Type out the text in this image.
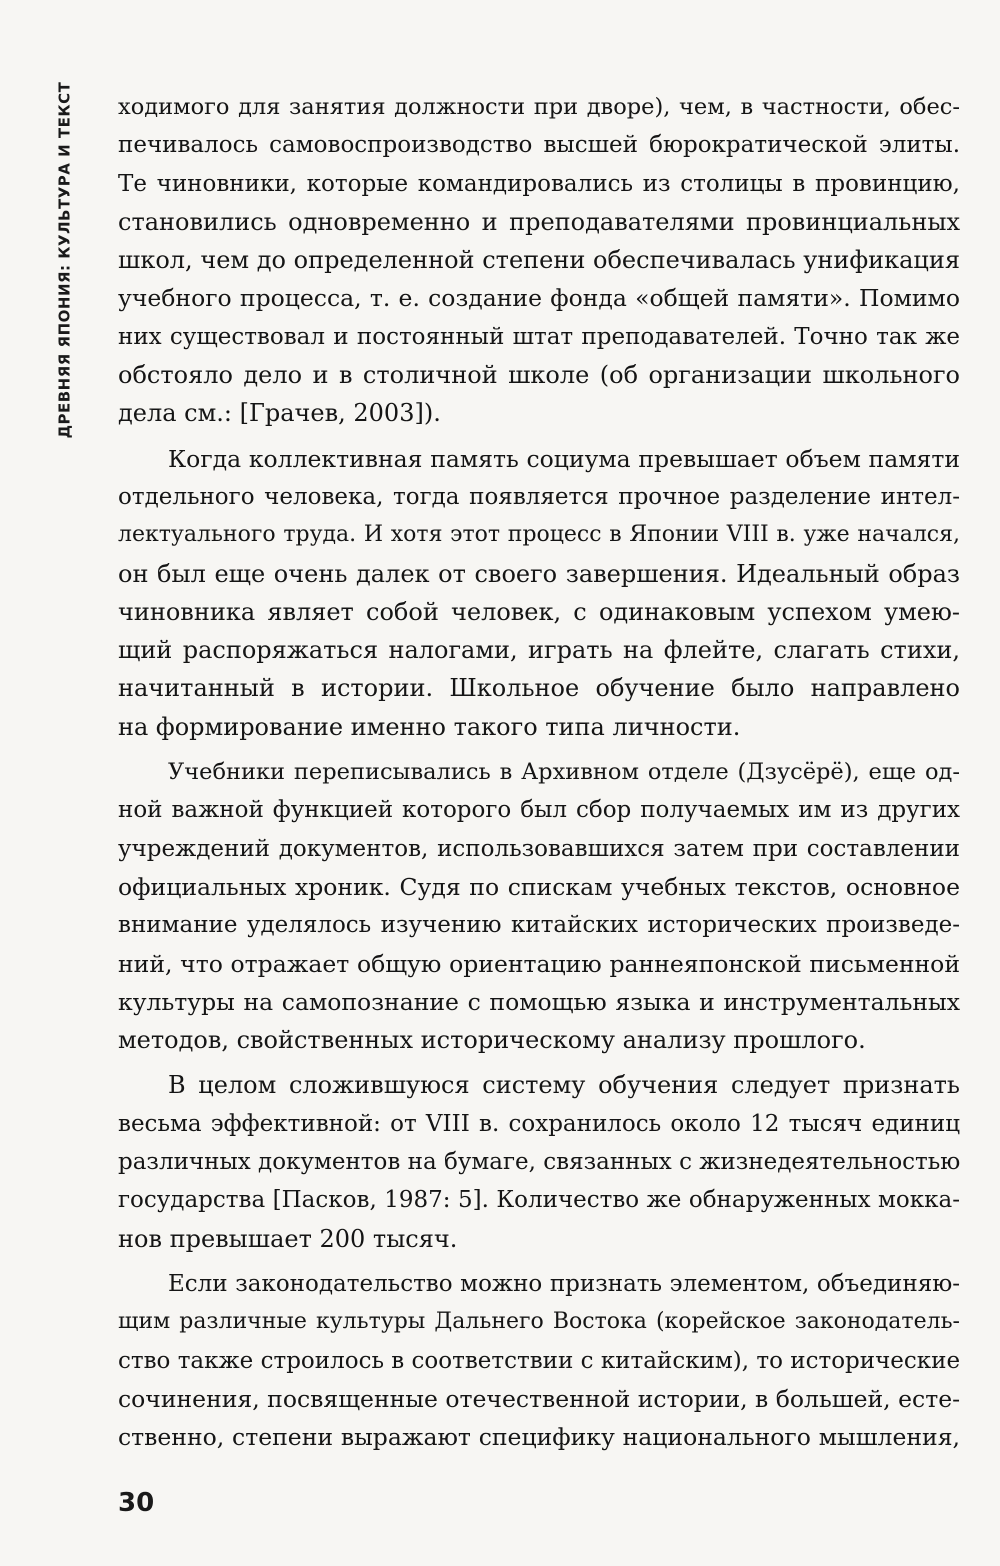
ДРЕВНЯЯ ЯПОНИЯ: КУЛЬТУРА И ТЕКСТ ходимого для занятия должности при дворе), чем, в частности, обес-
печивалось самовоспроизводство высшей бюрократической элиты.
Те чиновники, которые командировались из столицы в провинцию,
становились одновременно и преподавателями провинциальных
школ, чем до определенной степени обеспечивалась унификация
учебного процесса, т. е. создание фонда «общей памяти». Помимо
них существовал и постоянный штат преподавателей. Точно так же
обстояло дело и в столичной школе (об организации школьного
дела см.: [Грачев, 2003]).
Когда коллективная память социума превышает объем памяти
отдельного человека, тогда появляется прочное разделение интел-
лектуального труда. И хотя этот процесс в Японии VIII в. уже начался,
он был еще очень далек от своего завершения. Идеальный образ
чиновника являет собой человек, с одинаковым успехом умею-
щий распоряжаться налогами, играть на флейте, слагать стихи,
начитанный в истории. Школьное обучение было направлено
на формирование именно такого типа личности.
Учебники переписывались в Архивном отделе (Дзусёрё), еще од-
ной важной функцией которого был сбор получаемых им из других
учреждений документов, использовавшихся затем при составлении
официальных хроник. Судя по спискам учебных текстов, основное
внимание уделялось изучению китайских исторических произведе-
ний, что отражает общую ориентацию раннеяпонской письменной
культуры на самопознание с помощью языка и инструментальных
методов, свойственных историческому анализу прошлого.
В целом сложившуюся систему обучения следует признать
весьма эффективной: от VIII в. сохранилось около 12 тысяч единиц
различных документов на бумаге, связанных с жизнедеятельностью
государства [Пасков, 1987: 5]. Количество же обнаруженных мокка-
нов превышает 200 тысяч.
Если законодательство можно признать элементом, объединяю-
щим различные культуры Дальнего Востока (корейское законодатель-
ство также строилось в соответствии с китайским), то исторические
сочинения, посвященные отечественной истории, в большей, есте-
ственно, степени выражают специфику национального мышления,
30
